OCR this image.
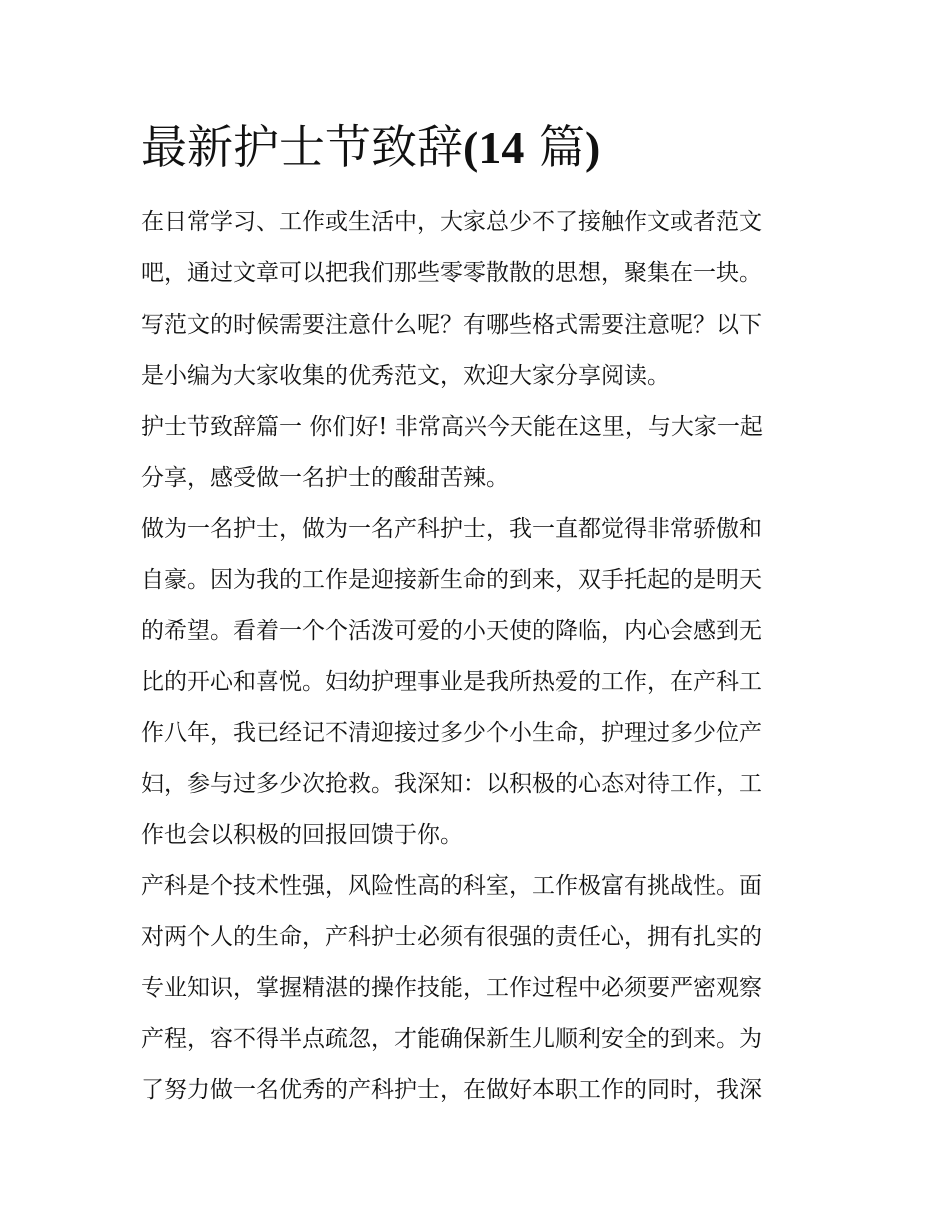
最新护士节致辞(14 篇)

在日常学习、工作或生活中，大家总少不了接触作文或者范文

吧，通过文章可以把我们那些零零散散的思想，聚集在一块。

写范文的时候需要注意什么呢？有哪些格式需要注意呢？以下

是小编为大家收集的优秀范文，欢迎大家分享阅读。

护士节致辞篇一 你们好! 非常高兴今天能在这里，与大家一起

分享，感受做一名护士的酸甜苦辣。

做为一名护士，做为一名产科护士，我一直都觉得非常骄傲和

自豪。因为我的工作是迎接新生命的到来，双手托起的是明天

的希望。看着一个个活泼可爱的小天使的降临，内心会感到无

比的开心和喜悦。妇幼护理事业是我所热爱的工作，在产科工

作八年，我已经记不清迎接过多少个小生命，护理过多少位产

妇，参与过多少次抢救。我深知：以积极的心态对待工作，工

作也会以积极的回报回馈于你。

产科是个技术性强，风险性高的科室，工作极富有挑战性。面

对两个人的生命，产科护士必须有很强的责任心，拥有扎实的

专业知识，掌握精湛的操作技能，工作过程中必须要严密观察

产程，容不得半点疏忽，才能确保新生儿顺利安全的到来。为

了努力做一名优秀的产科护士，在做好本职工作的同时，我深
